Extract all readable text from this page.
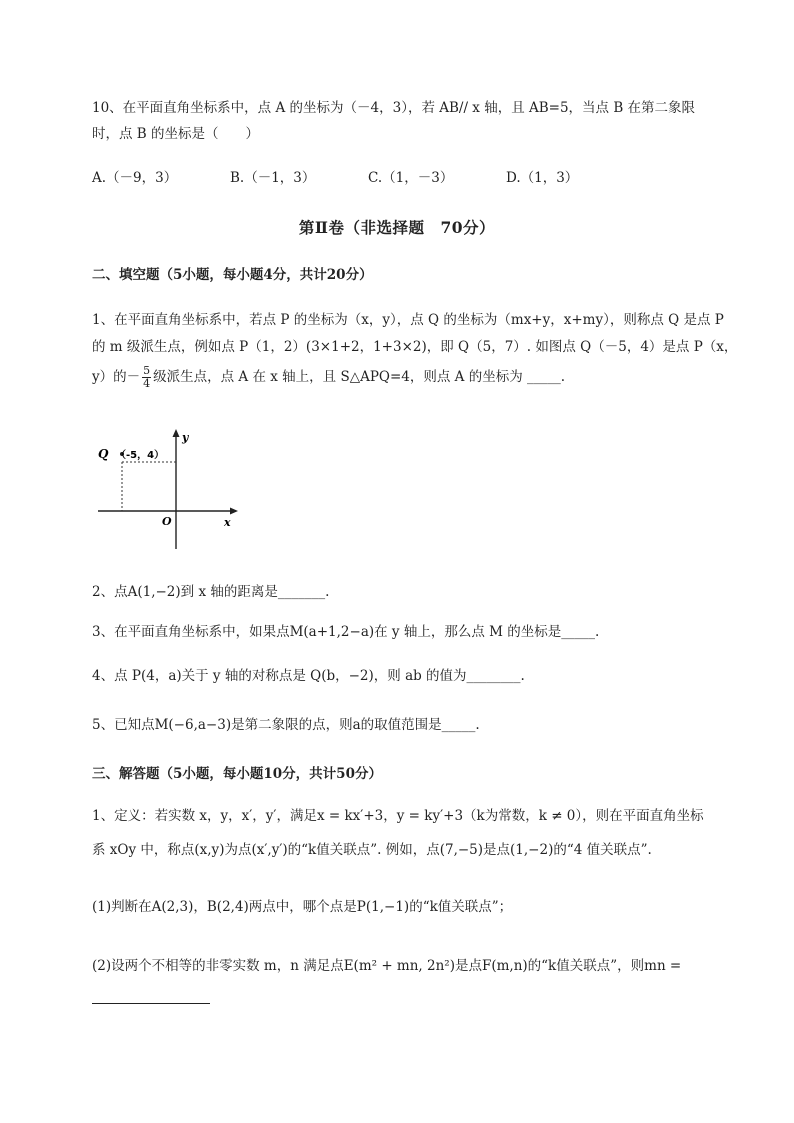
10、在平面直角坐标系中，点 A 的坐标为（－4，3），若 AB// x 轴，且 AB=5，当点 B 在第二象限
时，点 B 的坐标是（　　）
A.（－9，3）	B.（－1，3）	C.（1，－3）	D.（1，3）
第Ⅱ卷（非选择题　70分）
二、填空题（5小题，每小题4分，共计20分）
1、在平面直角坐标系中，若点 P 的坐标为（x，y），点 Q 的坐标为（mx+y，x+my），则称点 Q 是点 P
的 m 级派生点，例如点 P（1，2）(3×1+2，1+3×2)，即 Q（5，7）. 如图点 Q（－5，4）是点 P（x，
y）的－ $\frac{5}{4}$ 级派生点，点 A 在 x 轴上，且 S△APQ=4，则点 A 的坐标为 _____.
Q （-5，4）
y
x
O
2、点A(1,−2)到 x 轴的距离是_______.
3、在平面直角坐标系中，如果点M(a+1,2−a)在 y 轴上，那么点 M 的坐标是_____.
4、点 P(4，a)关于 y 轴的对称点是 Q(b，−2)，则 ab 的值为________.
5、已知点M(−6,a−3)是第二象限的点，则a的取值范围是_____.
三、解答题（5小题，每小题10分，共计50分）
1、定义：若实数 x，y，x′，y′，满足x = kx′+3，y = ky′+3（k为常数，k ≠ 0），则在平面直角坐标
系 xOy 中，称点(x,y)为点(x′,y′)的“k值关联点”. 例如，点(7,−5)是点(1,−2)的“4 值关联点”.
(1)判断在A(2,3)，B(2,4)两点中，哪个点是P(1,−1)的“k值关联点”；
(2)设两个不相等的非零实数 m，n 满足点E(m² + mn, 2n²)是点F(m,n)的“k值关联点”，则mn =
